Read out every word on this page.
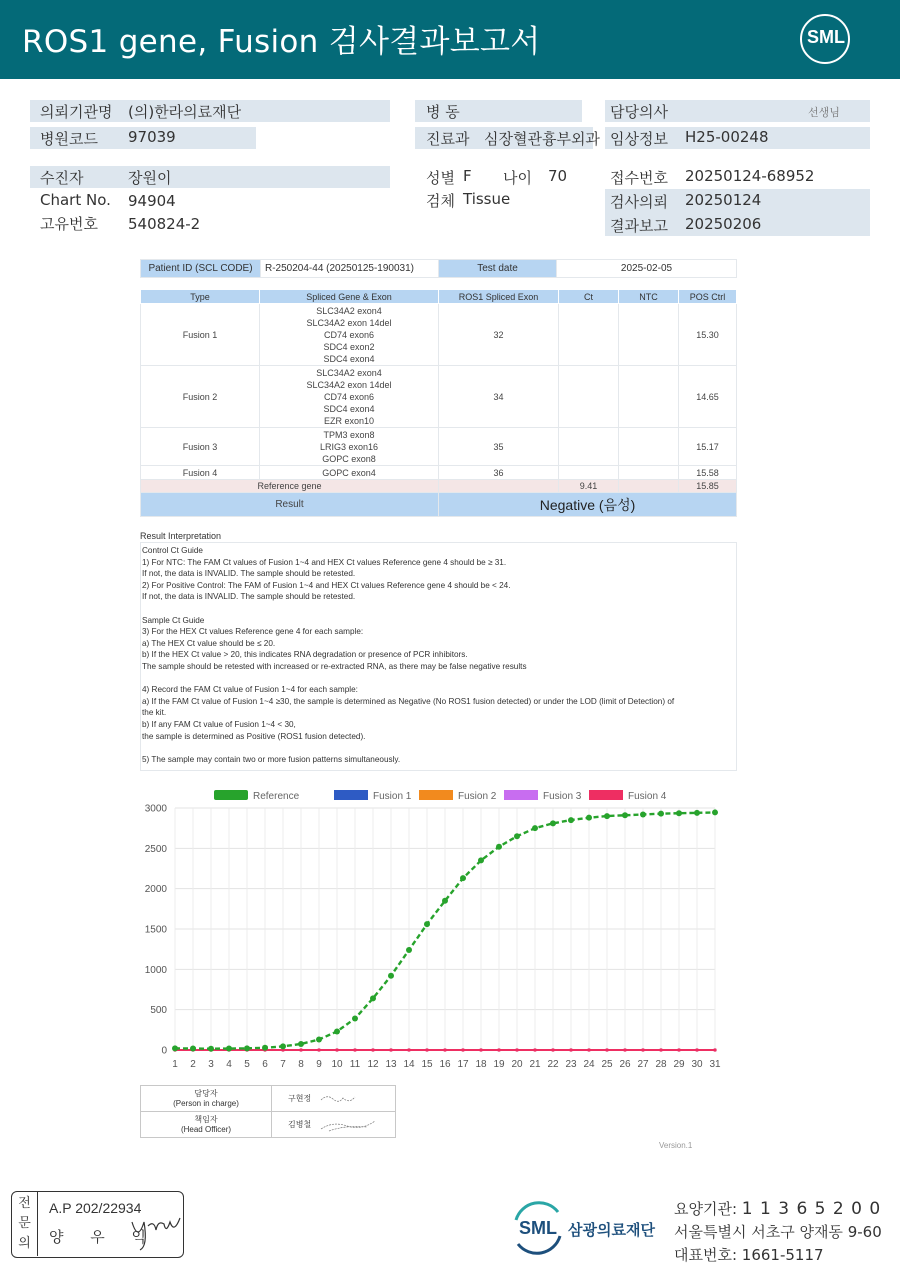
ROS1 gene, Fusion 검사결과보고서	SML
의뢰기관명 (의)한라의료재단
병원코드 97039
병 동
진료과 심장혈관흉부외과
담당의사	선생님
임상정보 H25-00248
수진자	장원이
Chart No. 94904
고유번호 540824-2
성별 F 나이 70
검체 Tissue
접수번호 20250124-68952
검사의뢰 20250124
결과보고 20250206
Patient ID (SCL CODE)	R-250204-44 (20250125-190031)	Test date	2025-02-05
Type	Spliced Gene & Exon	ROS1 Spliced Exon	Ct	NTC	POS Ctrl
Fusion 1	SLC34A2 exon4
SLC34A2 exon 14del
CD74 exon6
SDC4 exon2
SDC4 exon4	32			15.30
Fusion 2	SLC34A2 exon4
SLC34A2 exon 14del
CD74 exon6
SDC4 exon4
EZR exon10	34			14.65
Fusion 3	TPM3 exon8
LRIG3 exon16
GOPC exon8	35			15.17
Fusion 4	GOPC exon4	36			15.58
Reference gene			9.41		15.85
Result		Negative (음성)			
Result Interpretation
Control Ct Guide
1) For NTC: The FAM Ct values of Fusion 1~4 and HEX Ct values Reference gene 4 should be ≥ 31.
If not, the data is INVALID. The sample should be retested.
2) For Positive Control: The FAM of Fusion 1~4 and HEX Ct values Reference gene 4 should be < 24.
If not, the data is INVALID. The sample should be retested.
Sample Ct Guide
3) For the HEX Ct values Reference gene 4 for each sample:
a) The HEX Ct value should be ≤ 20.
b) If the HEX Ct value > 20, this indicates RNA degradation or presence of PCR inhibitors.
The sample should be retested with increased or re-extracted RNA, as there may be false negative results
4) Record the FAM Ct value of Fusion 1~4 for each sample:
a) If the FAM Ct value of Fusion 1~4 ≥30, the sample is determined as Negative (No ROS1 fusion detected) or under the LOD (limit of Detection) of
the kit.
b) If any FAM Ct value of Fusion 1~4 < 30,
the sample is determined as Positive (ROS1 fusion detected).
5) The sample may contain two or more fusion patterns simultaneously.
0
500
1000
1500
2000
2500
3000
1 2 3 4 5 6 7 8 9 10 11 12 13 14 15 16 17 18 19 20 21 22 23 24 25 26 27 28 29 30 31
Reference	Fusion 1	Fusion 2	Fusion 3	Fusion 4
담당자
(Person in charge)	구현정

책임자
(Head Officer)	김병철
Version.1
전
문
의
A.P 202/22934
양 우 익	SML 삼광의료재단
요양기관: 1 1 3 6 5 2 0 0
서울특별시 서초구 양재동 9-60
대표번호: 1661-5117
